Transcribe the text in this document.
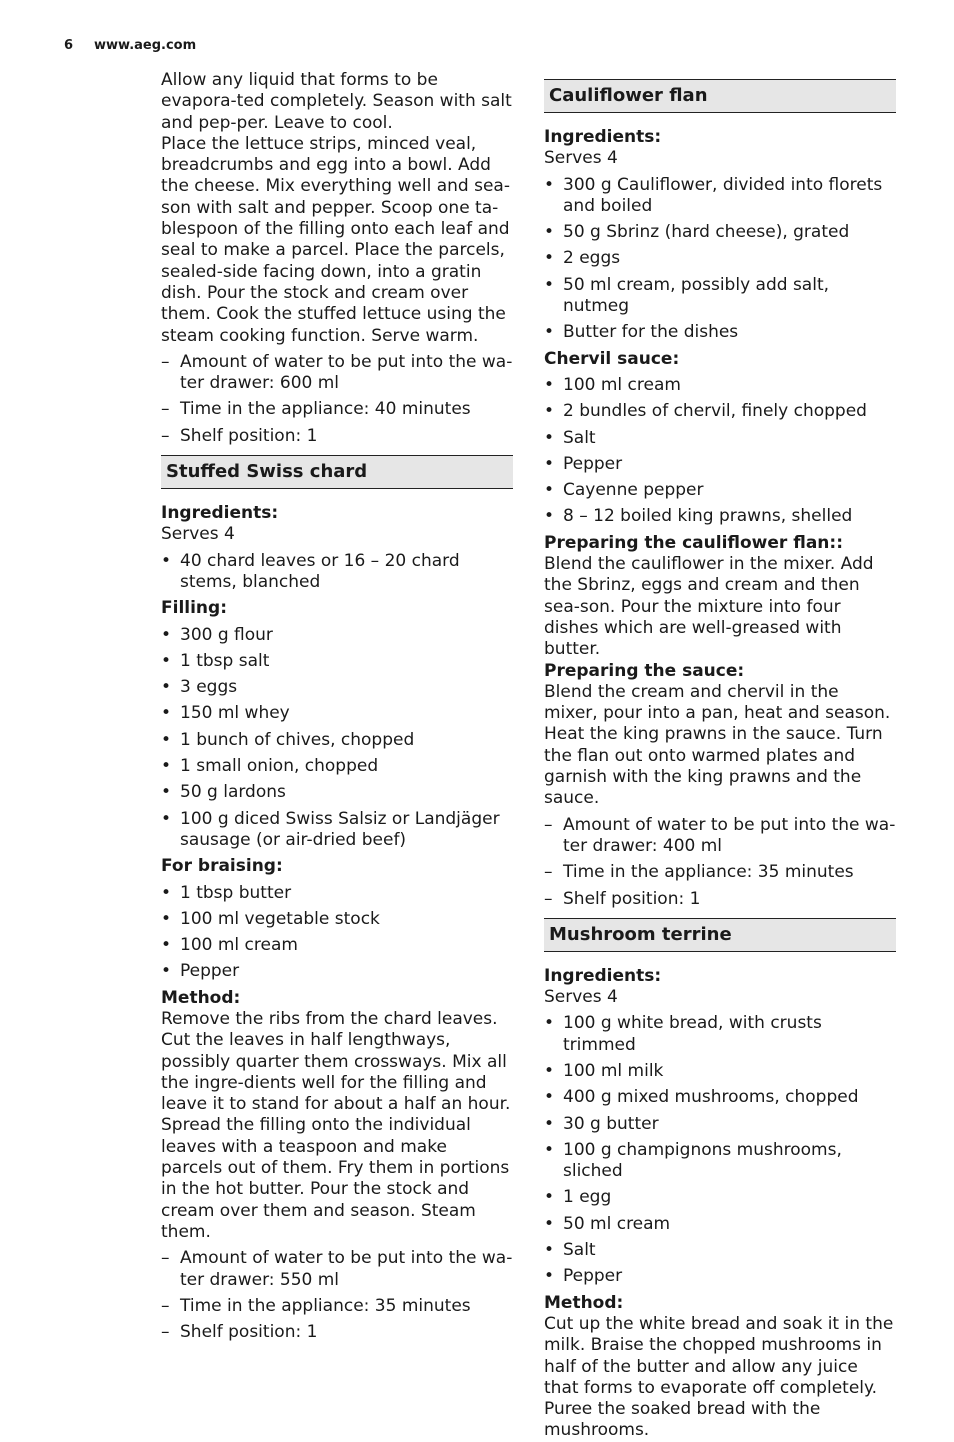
6 www.aeg.com

Allow any liquid that forms to be evapora-ted completely. Season with salt and pep-per. Leave to cool.

Place the lettuce strips, minced veal, breadcrumbs and egg into a bowl. Add the cheese. Mix everything well and sea-son with salt and pepper. Scoop one ta-blespoon of the filling onto each leaf and seal to make a parcel. Place the parcels, sealed-side facing down, into a gratin dish. Pour the stock and cream over them. Cook the stuffed lettuce using the steam cooking function. Serve warm.

– Amount of water to be put into the wa-ter drawer: 600 ml
– Time in the appliance: 40 minutes
– Shelf position: 1
Stuffed Swiss chard

Ingredients:

Serves 4

• 40 chard leaves or 16 – 20 chard stems, blanched

Filling:

• 300 g flour
• 1 tbsp salt
• 3 eggs
• 150 ml whey
• 1 bunch of chives, chopped
• 1 small onion, chopped
• 50 g lardons
• 100 g diced Swiss Salsiz or Landjäger sausage (or air-dried beef)

For braising:

• 1 tbsp butter
• 100 ml vegetable stock
• 100 ml cream
• Pepper

Method:

Remove the ribs from the chard leaves. Cut the leaves in half lengthways, possibly quarter them crossways. Mix all the ingre-dients well for the filling and leave it to stand for about a half an hour. Spread the filling onto the individual leaves with a teaspoon and make parcels out of them. Fry them in portions in the hot butter. Pour the stock and cream over them and season. Steam them.

– Amount of water to be put into the wa-ter drawer: 550 ml
– Time in the appliance: 35 minutes
– Shelf position: 1
Cauliflower flan

Ingredients:

Serves 4

• 300 g Cauliflower, divided into florets and boiled
• 50 g Sbrinz (hard cheese), grated
• 2 eggs
• 50 ml cream, possibly add salt, nutmeg
• Butter for the dishes

Chervil sauce:

• 100 ml cream
• 2 bundles of chervil, finely chopped
• Salt
• Pepper
• Cayenne pepper
• 8 – 12 boiled king prawns, shelled

Preparing the cauliflower flan::

Blend the cauliflower in the mixer. Add the Sbrinz, eggs and cream and then sea-son. Pour the mixture into four dishes which are well-greased with butter.

Preparing the sauce:

Blend the cream and chervil in the mixer, pour into a pan, heat and season. Heat the king prawns in the sauce. Turn the flan out onto warmed plates and garnish with the king prawns and the sauce.

– Amount of water to be put into the wa-ter drawer: 400 ml
– Time in the appliance: 35 minutes
– Shelf position: 1
Mushroom terrine

Ingredients:

Serves 4

• 100 g white bread, with crusts trimmed
• 100 ml milk
• 400 g mixed mushrooms, chopped
• 30 g butter
• 100 g champignons mushrooms, sliched
• 1 egg
• 50 ml cream
• Salt
• Pepper

Method:

Cut up the white bread and soak it in the milk. Braise the chopped mushrooms in half of the butter and allow any juice that forms to evaporate off completely. Puree the soaked bread with the mushrooms.
